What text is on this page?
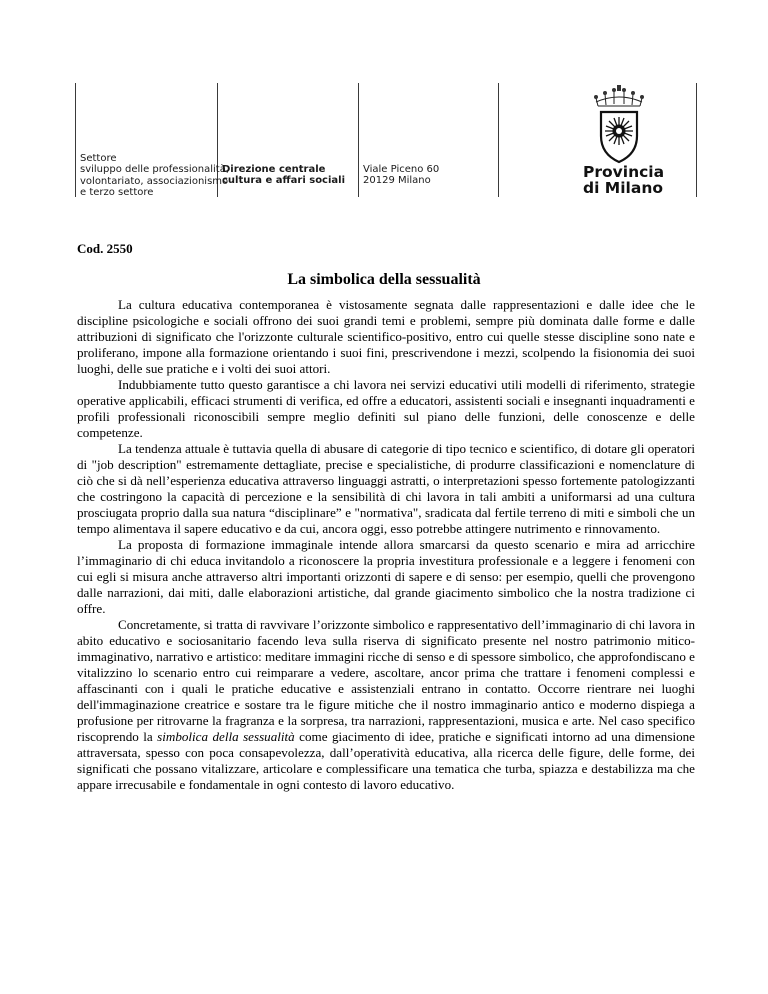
Settore
sviluppo delle professionalità,
volontariato, associazionismo
e terzo settore
Direzione centrale
cultura e affari sociali
Viale Piceno 60
20129 Milano	Provincia
di Milano
Cod. 2550
La simbolica della sessualità

La cultura educativa contemporanea è vistosamente segnata dalle rappresentazioni e dalle idee che le discipline psicologiche e sociali offrono dei suoi grandi temi e problemi, sempre più dominata dalle forme e dalle attribuzioni di significato che l'orizzonte culturale scientifico-positivo, entro cui quelle stesse discipline sono nate e proliferano, impone alla formazione orientando i suoi fini, prescrivendone i mezzi, scolpendo la fisionomia dei suoi luoghi, delle sue pratiche e i volti dei suoi attori.

Indubbiamente tutto questo garantisce a chi lavora nei servizi educativi utili modelli di riferimento, strategie operative applicabili, efficaci strumenti di verifica, ed offre a educatori, assistenti sociali e insegnanti inquadramenti e profili professionali riconoscibili sempre meglio definiti sul piano delle funzioni, delle conoscenze e delle competenze.

La tendenza attuale è tuttavia quella di abusare di categorie di tipo tecnico e scientifico, di dotare gli operatori di "job description" estremamente dettagliate, precise e specialistiche, di produrre classificazioni e nomenclature di ciò che si dà nell’esperienza educativa attraverso linguaggi astratti, o interpretazioni spesso fortemente patologizzanti che costringono la capacità di percezione e la sensibilità di chi lavora in tali ambiti a uniformarsi ad una cultura prosciugata proprio dalla sua natura “disciplinare” e "normativa", sradicata dal fertile terreno di miti e simboli che un tempo alimentava il sapere educativo e da cui, ancora oggi, esso potrebbe attingere nutrimento e rinnovamento.

La proposta di formazione immaginale intende allora smarcarsi da questo scenario e mira ad arricchire l’immaginario di chi educa invitandolo a riconoscere la propria investitura professionale e a leggere i fenomeni con cui egli si misura anche attraverso altri importanti orizzonti di sapere e di senso: per esempio, quelli che provengono dalle narrazioni, dai miti, dalle elaborazioni artistiche, dal grande giacimento simbolico che la nostra tradizione ci offre.

Concretamente, si tratta di ravvivare l’orizzonte simbolico e rappresentativo dell’immaginario di chi lavora in abito educativo e sociosanitario facendo leva sulla riserva di significato presente nel nostro patrimonio mitico-immaginativo, narrativo e artistico: meditare immagini ricche di senso e di spessore simbolico, che approfondiscano e vitalizzino lo scenario entro cui reimparare a vedere, ascoltare, ancor prima che trattare i fenomeni complessi e affascinanti con i quali le pratiche educative e assistenziali entrano in contatto. Occorre rientrare nei luoghi dell'immaginazione creatrice e sostare tra le figure mitiche che il nostro immaginario antico e moderno dispiega a profusione per ritrovarne la fragranza e la sorpresa, tra narrazioni, rappresentazioni, musica e arte. Nel caso specifico riscoprendo la simbolica della sessualità come giacimento di idee, pratiche e significati intorno ad una dimensione attraversata, spesso con poca consapevolezza, dall’operatività educativa, alla ricerca delle figure, delle forme, dei significati che possano vitalizzare, articolare e complessificare una tematica che turba, spiazza e destabilizza ma che appare irrecusabile e fondamentale in ogni contesto di lavoro educativo.
